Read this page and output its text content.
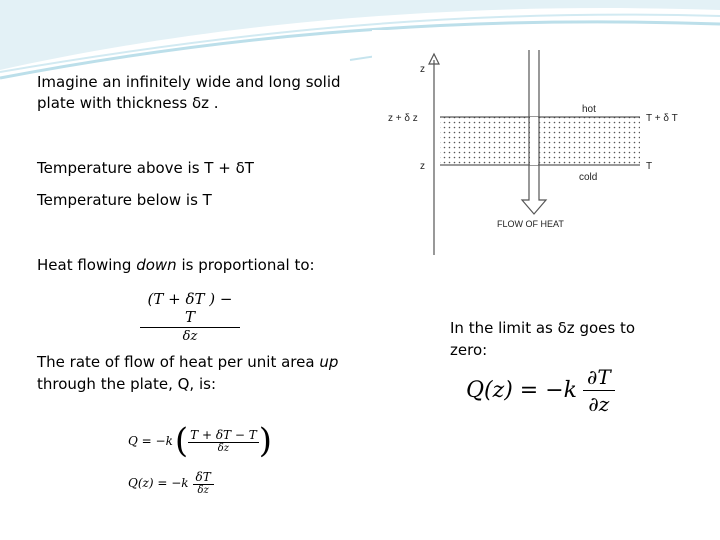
Imagine an infinitely wide and long solid
plate with thickness δz .
Temperature above is T + δT
Temperature below is T
Heat flowing down is proportional to:
$\frac{(T + \delta T ) - T}{\delta z}$
The rate of flow of heat per unit area up
through the plate, Q, is:
Q = −k ( T + δT − T
δz )
Q(z) = −k δT
δz
In the limit as δz goes to
zero:
$Q(z) = -k \frac{\partial T}{\partial z}$
z
z + δ z
z
hot
cold
T + δ T
T
FLOW OF HEAT
